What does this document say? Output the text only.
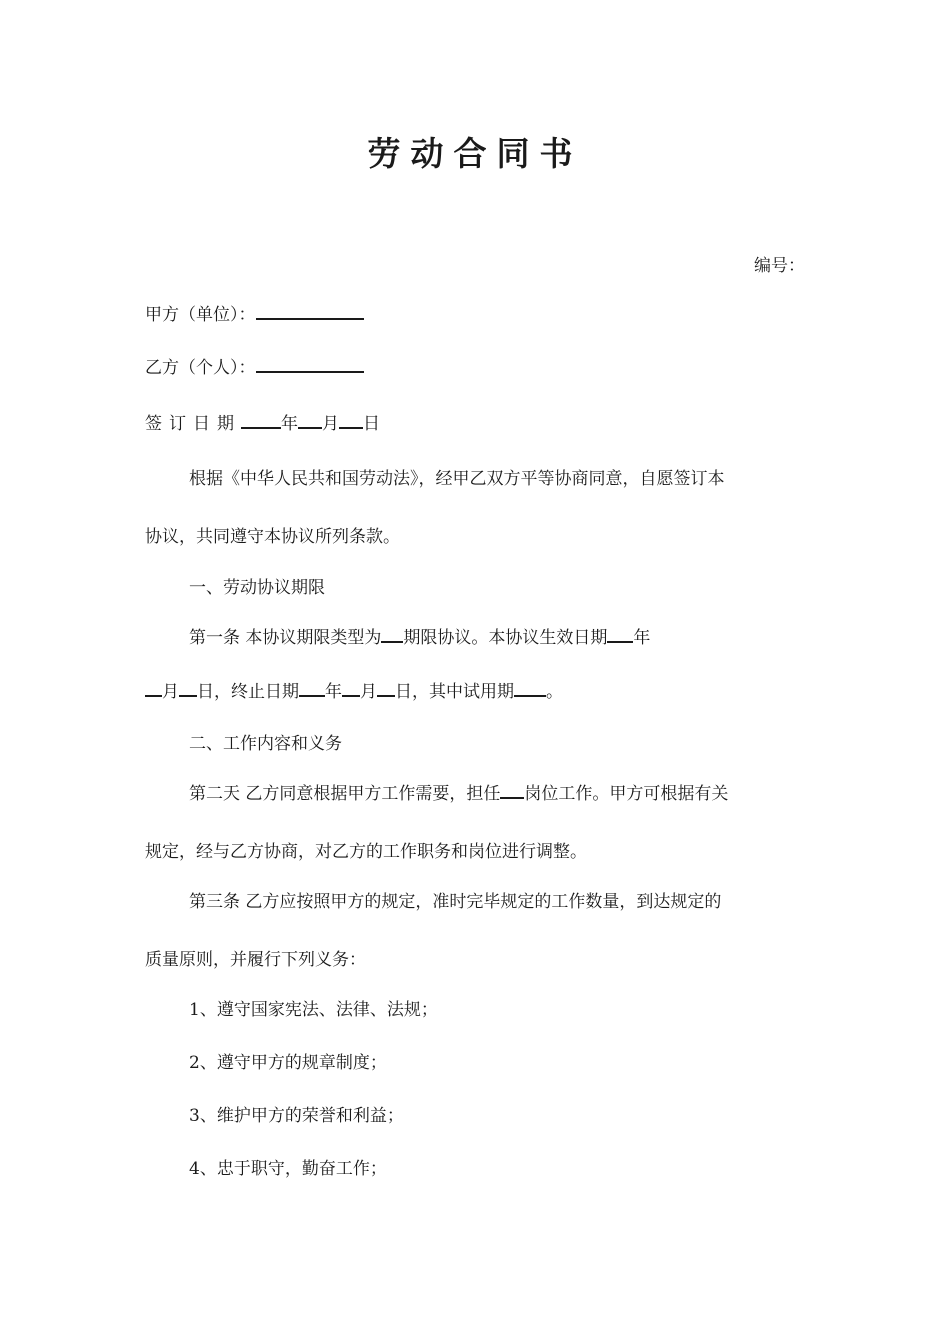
劳动合同书
编号：
甲方（单位）：
乙方（个人）：
签订日期 年 月 日
根据《中华人民共和国劳动法》，经甲乙双方平等协商同意，自愿签订本
协议，共同遵守本协议所列条款。
一、劳动协议期限
第一条 本协议期限类型为 期限协议。本协议生效日期 年
月 日，终止日期 年 月 日，其中试用期 。
二、工作内容和义务
第二天 乙方同意根据甲方工作需要，担任 岗位工作。甲方可根据有关
规定，经与乙方协商，对乙方的工作职务和岗位进行调整。
第三条 乙方应按照甲方的规定，准时完毕规定的工作数量，到达规定的
质量原则，并履行下列义务：
1、遵守国家宪法、法律、法规；
2、遵守甲方的规章制度；
3、维护甲方的荣誉和利益；
4、忠于职守，勤奋工作；
